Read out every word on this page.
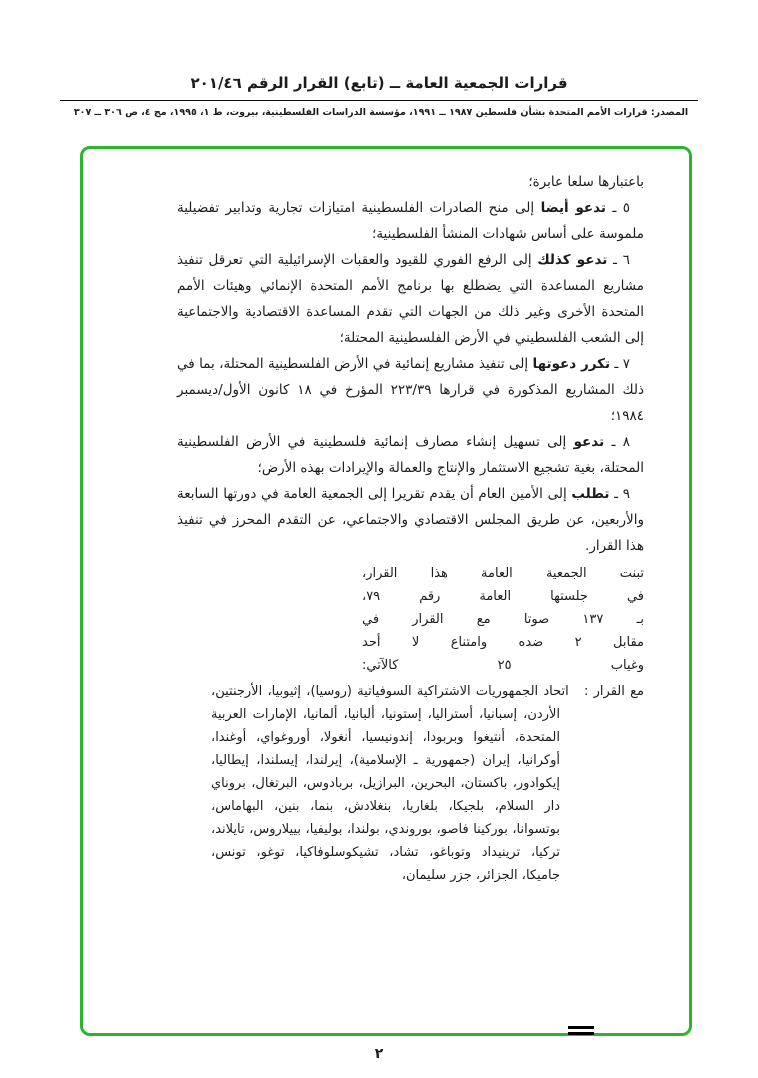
قرارات الجمعية العامة ــ (تابع) القرار الرقم ٢٠١/٤٦
المصدر: قرارات الأمم المتحدة بشأن فلسطين ١٩٨٧ ــ ١٩٩١، مؤسسة الدراسات الفلسطينية، بيروت، ط ١، ١٩٩٥، مج ٤، ص ٣٠٦ ــ ٣٠٧

باعتبارها سلعا عابرة؛

٥ ـ تدعو أيضا إلى منح الصادرات الفلسطينية امتيازات تجارية وتدابير تفضيلية ملموسة على أساس شهادات المنشأ الفلسطينية؛

٦ ـ تدعو كذلك إلى الرفع الفوري للقيود والعقبات الإسرائيلية التي تعرقل تنفيذ مشاريع المساعدة التي يضطلع بها برنامج الأمم المتحدة الإنمائي وهيئات الأمم المتحدة الأخرى وغير ذلك من الجهات التي تقدم المساعدة الاقتصادية والاجتماعية إلى الشعب الفلسطيني في الأرض الفلسطينية المحتلة؛

٧ ـ تكرر دعوتها إلى تنفيذ مشاريع إنمائية في الأرض الفلسطينية المحتلة، بما في ذلك المشاريع المذكورة في قرارها ٢٢٣/٣٩ المؤرخ في ١٨ كانون الأول/ديسمبر ١٩٨٤؛

٨ ـ تدعو إلى تسهيل إنشاء مصارف إنمائية فلسطينية في الأرض الفلسطينية المحتلة، بغية تشجيع الاستثمار والإنتاج والعمالة والإيرادات بهذه الأرض؛

٩ ـ تطلب إلى الأمين العام أن يقدم تقريرا إلى الجمعية العامة في دورتها السابعة والأربعين، عن طريق المجلس الاقتصادي والاجتماعي، عن التقدم المحرز في تنفيذ هذا القرار.

تبنت الجمعية العامة هذا القرار،
في جلستها العامة رقم ٧٩،
بـ ١٣٧ صوتا مع القرار في
مقابل ٢ ضده وامتناع لا أحد
وغياب ٢٥ كالآتي:

مع القرار : اتحاد الجمهوريات الاشتراكية السوفياتية (روسيا)، إثيوبيا، الأرجنتين، الأردن، إسبانيا، أستراليا، إستونيا، ألبانيا، ألمانيا، الإمارات العربية المتحدة، أنتيغوا وبربودا، إندونيسيا، أنغولا، أوروغواي، أوغندا، أوكرانيا، إيران (جمهورية ـ الإسلامية)، إيرلندا، إيسلندا، إيطاليا، إيكوادور، باكستان، البحرين، البرازيل، بربادوس، البرتغال، بروناي دار السلام، بلجيكا، بلغاريا، بنغلادش، بنما، بنين، البهاماس، بوتسوانا، بوركينا فاصو، بوروندي، بولندا، بوليفيا، بييلاروس، تايلاند، تركيا، ترينيداد وتوباغو، تشاد، تشيكوسلوفاكيا، توغو، تونس، جاميكا، الجزائر، جزر سليمان،

٢
